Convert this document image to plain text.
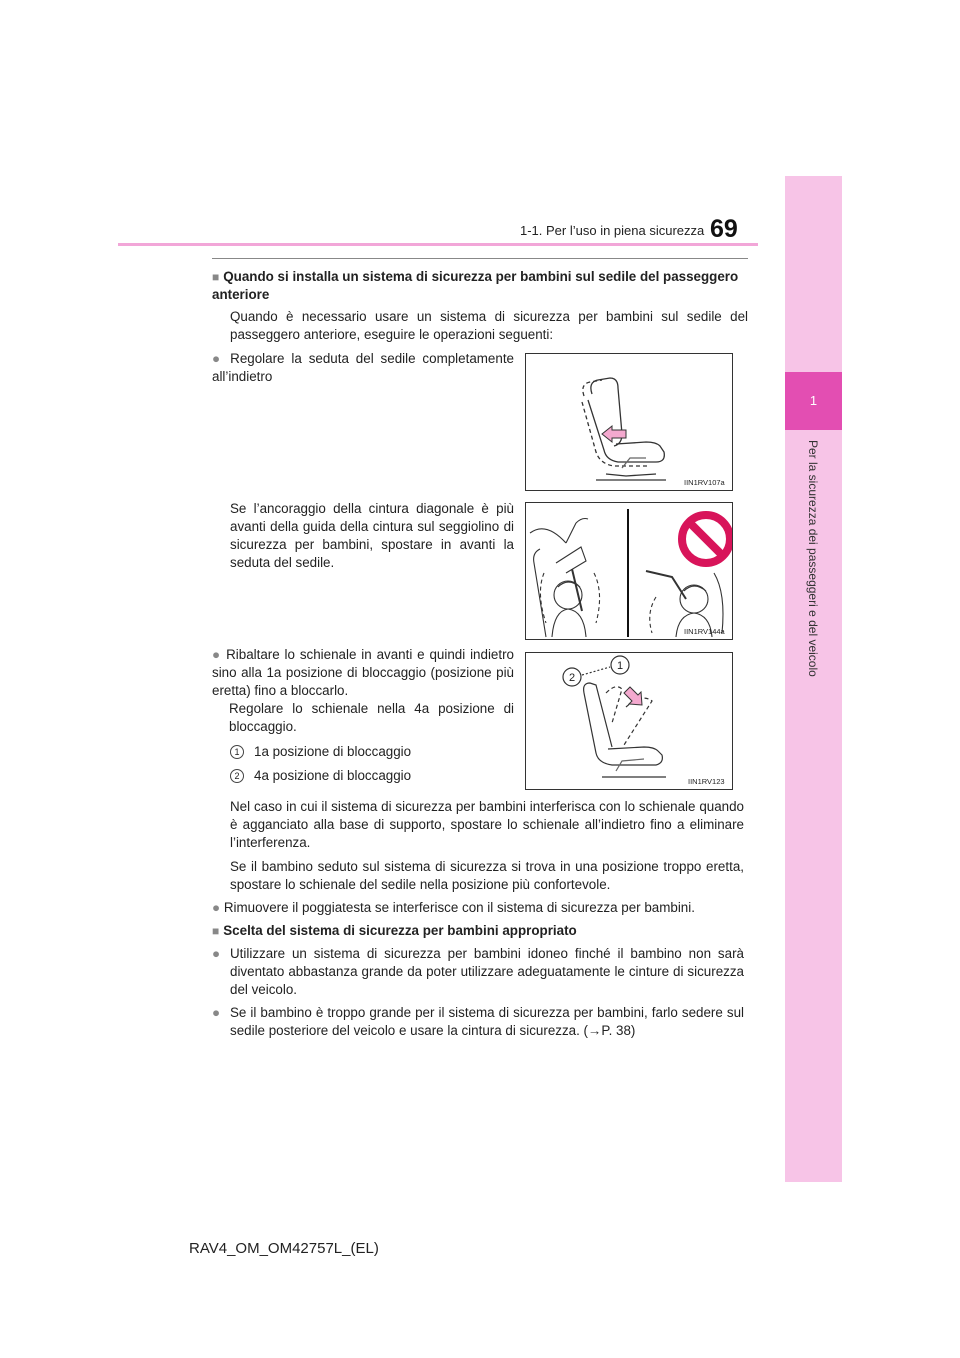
1-1. Per l’uso in piena sicurezza 69
1
Per la sicurezza dei passeggeri e del veicolo
■ Quando si installa un sistema di sicurezza per bambini sul sedile del passeggero anteriore
Quando è necessario usare un sistema di sicurezza per bambini sul sedile del passeggero anteriore, eseguire le operazioni seguenti:
● Regolare la seduta del sedile completamente all’indietro
IIN1RV107a
Se l’ancoraggio della cintura diagonale è più avanti della guida della cintura sul seggiolino di sicurezza per bambini, spostare in avanti la seduta del sedile.
IIN1RV144a
● Ribaltare lo schienale in avanti e quindi indietro sino alla 1a posizione di bloccaggio (posizione più eretta) fino a bloccarlo.
Regolare lo schienale nella 4a posizione di bloccaggio.
1 1a posizione di bloccaggio
2 4a posizione di bloccaggio
2
1
IIN1RV123
Nel caso in cui il sistema di sicurezza per bambini interferisca con lo schienale quando è agganciato alla base di supporto, spostare lo schienale all’indietro fino a eliminare l’interferenza.
Se il bambino seduto sul sistema di sicurezza si trova in una posizione troppo eretta, spostare lo schienale del sedile nella posizione più confortevole.
● Rimuovere il poggiatesta se interferisce con il sistema di sicurezza per bambini.
■ Scelta del sistema di sicurezza per bambini appropriato
● Utilizzare un sistema di sicurezza per bambini idoneo finché il bambino non sarà diventato abbastanza grande da poter utilizzare adeguatamente le cinture di sicurezza del veicolo.
● Se il bambino è troppo grande per il sistema di sicurezza per bambini, farlo sedere sul sedile posteriore del veicolo e usare la cintura di sicurezza. (→P. 38)
RAV4_OM_OM42757L_(EL)
